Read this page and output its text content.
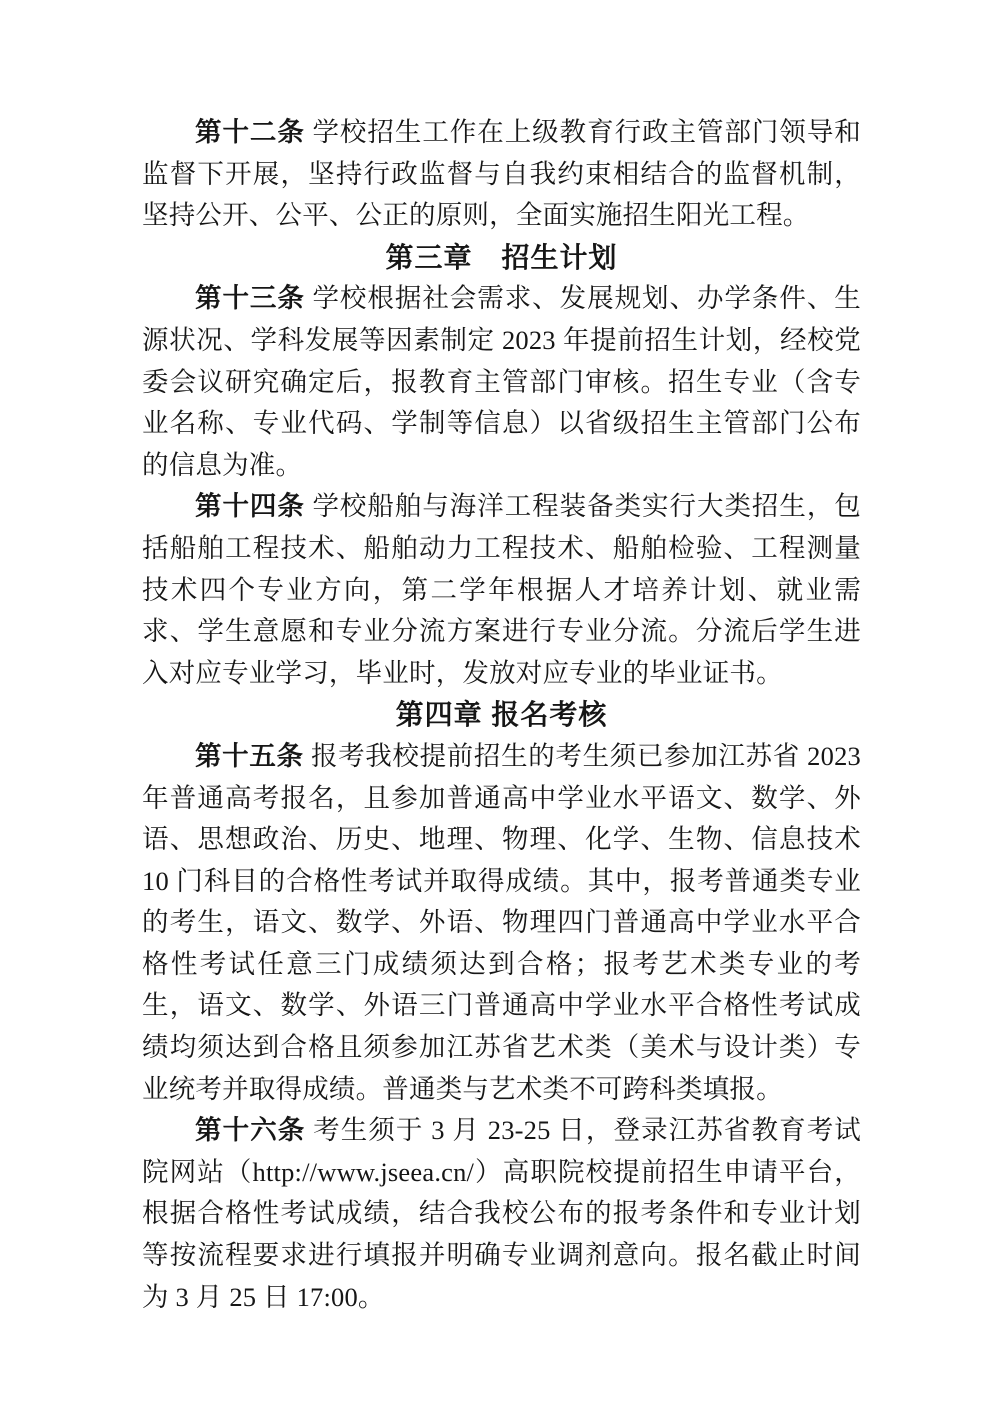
第十二条 学校招生工作在上级教育行政主管部门领导和监督下开展，坚持行政监督与自我约束相结合的监督机制，坚持公开、公平、公正的原则，全面实施招生阳光工程。

第三章　招生计划

第十三条 学校根据社会需求、发展规划、办学条件、生源状况、学科发展等因素制定 2023 年提前招生计划，经校党委会议研究确定后，报教育主管部门审核。招生专业（含专业名称、专业代码、学制等信息）以省级招生主管部门公布的信息为准。

第十四条 学校船舶与海洋工程装备类实行大类招生，包括船舶工程技术、船舶动力工程技术、船舶检验、工程测量技术四个专业方向，第二学年根据人才培养计划、就业需求、学生意愿和专业分流方案进行专业分流。分流后学生进入对应专业学习，毕业时，发放对应专业的毕业证书。

第四章 报名考核

第十五条 报考我校提前招生的考生须已参加江苏省 2023 年普通高考报名，且参加普通高中学业水平语文、数学、外语、思想政治、历史、地理、物理、化学、生物、信息技术 10 门科目的合格性考试并取得成绩。其中，报考普通类专业的考生，语文、数学、外语、物理四门普通高中学业水平合格性考试任意三门成绩须达到合格；报考艺术类专业的考生，语文、数学、外语三门普通高中学业水平合格性考试成绩均须达到合格且须参加江苏省艺术类（美术与设计类）专业统考并取得成绩。普通类与艺术类不可跨科类填报。

第十六条 考生须于 3 月 23-25 日，登录江苏省教育考试院网站（http://www.jseea.cn/）高职院校提前招生申请平台，根据合格性考试成绩，结合我校公布的报考条件和专业计划等按流程要求进行填报并明确专业调剂意向。报名截止时间为 3 月 25 日 17:00。
